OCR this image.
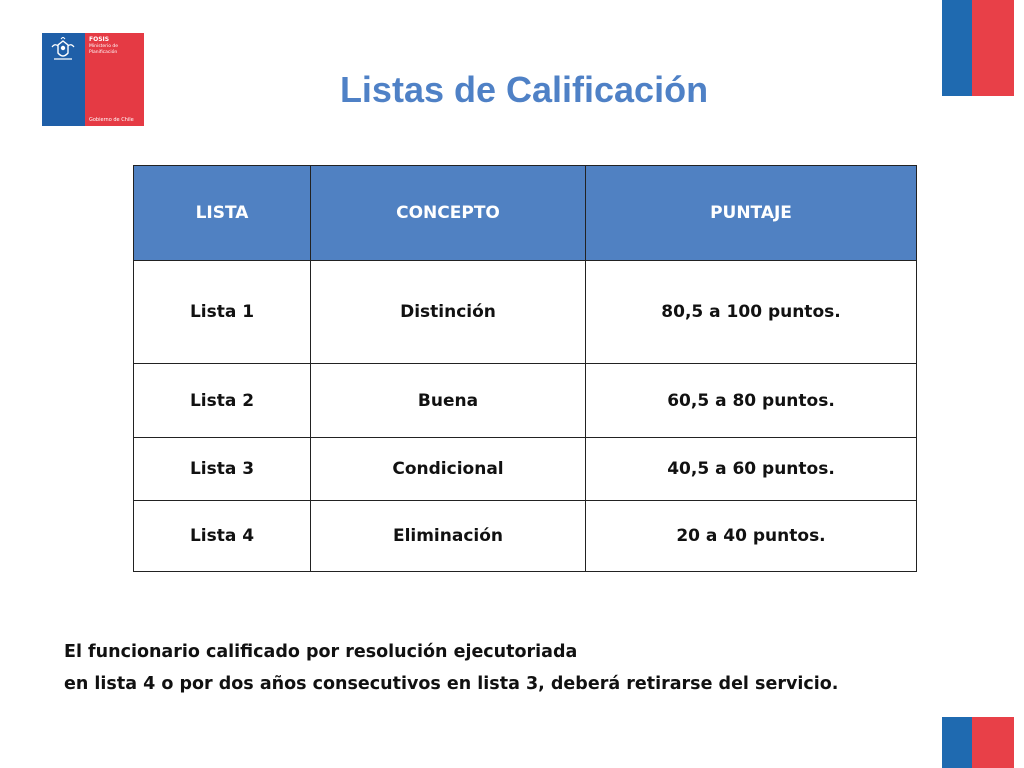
FOSIS
Ministerio de Planificación
Gobierno de Chile
Listas de Calificación
LISTA	CONCEPTO	PUNTAJE
Lista 1	Distinción	80,5 a 100 puntos.
Lista 2	Buena	60,5 a 80 puntos.
Lista 3	Condicional	40,5 a 60 puntos.
Lista 4	Eliminación	20 a 40 puntos.

El funcionario calificado por resolución ejecutoriada

en lista 4 o por dos años consecutivos en lista 3, deberá retirarse del servicio.
